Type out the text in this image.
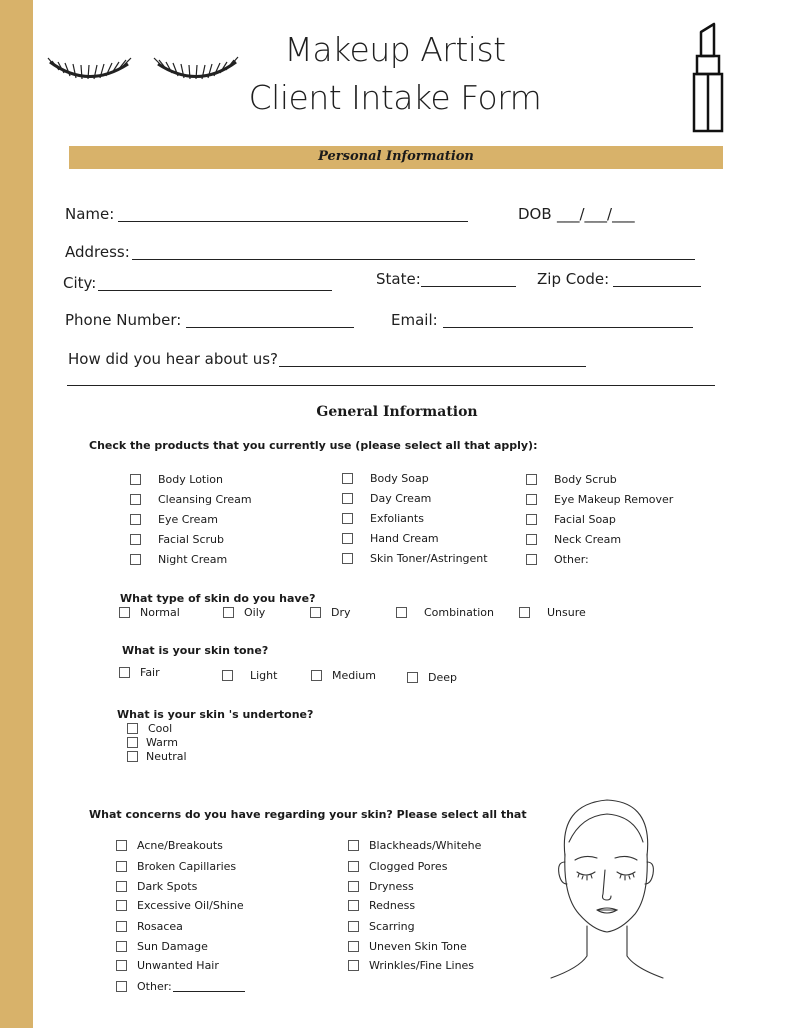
Makeup Artist
Client Intake Form
Personal Information
Name:	DOB ___/___/___
Address:
City:	State:	Zip Code:
Phone Number:	Email:
How did you hear about us?
General Information
Check the products that you currently use (please select all that apply):
Body Lotion
Cleansing Cream
Eye Cream
Facial Scrub
Night Cream
Body Soap
Day Cream
Exfoliants
Hand Cream
Skin Toner/Astringent
Body Scrub
Eye Makeup Remover
Facial Soap
Neck Cream
Other:
What type of skin do you have?
Normal	Oily	Dry	Combination	Unsure
What is your skin tone?
Fair	Light	Medium	Deep
What is your skin 's undertone?
Cool
Warm
Neutral
What concerns do you have regarding your skin? Please select all that
Acne/Breakouts
Broken Capillaries
Dark Spots
Excessive Oil/Shine
Rosacea
Sun Damage
Unwanted Hair
Other:
Blackheads/Whitehe
Clogged Pores
Dryness
Redness
Scarring
Uneven Skin Tone
Wrinkles/Fine Lines
